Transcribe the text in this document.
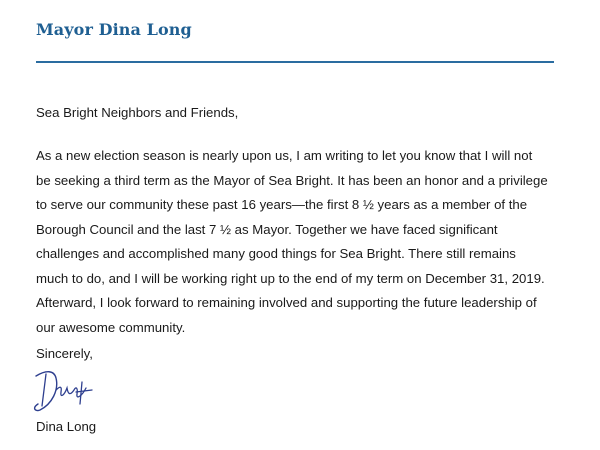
Mayor Dina Long
Sea Bright Neighbors and Friends,
As a new election season is nearly upon us, I am writing to let you know that I will not
be seeking a third term as the Mayor of Sea Bright. It has been an honor and a privilege
to serve our community these past 16 years—the first 8 ½ years as a member of the
Borough Council and the last 7 ½ as Mayor. Together we have faced significant
challenges and accomplished many good things for Sea Bright. There still remains
much to do, and I will be working right up to the end of my term on December 31, 2019.
Afterward, I look forward to remaining involved and supporting the future leadership of
our awesome community.
Sincerely,
Dina Long
